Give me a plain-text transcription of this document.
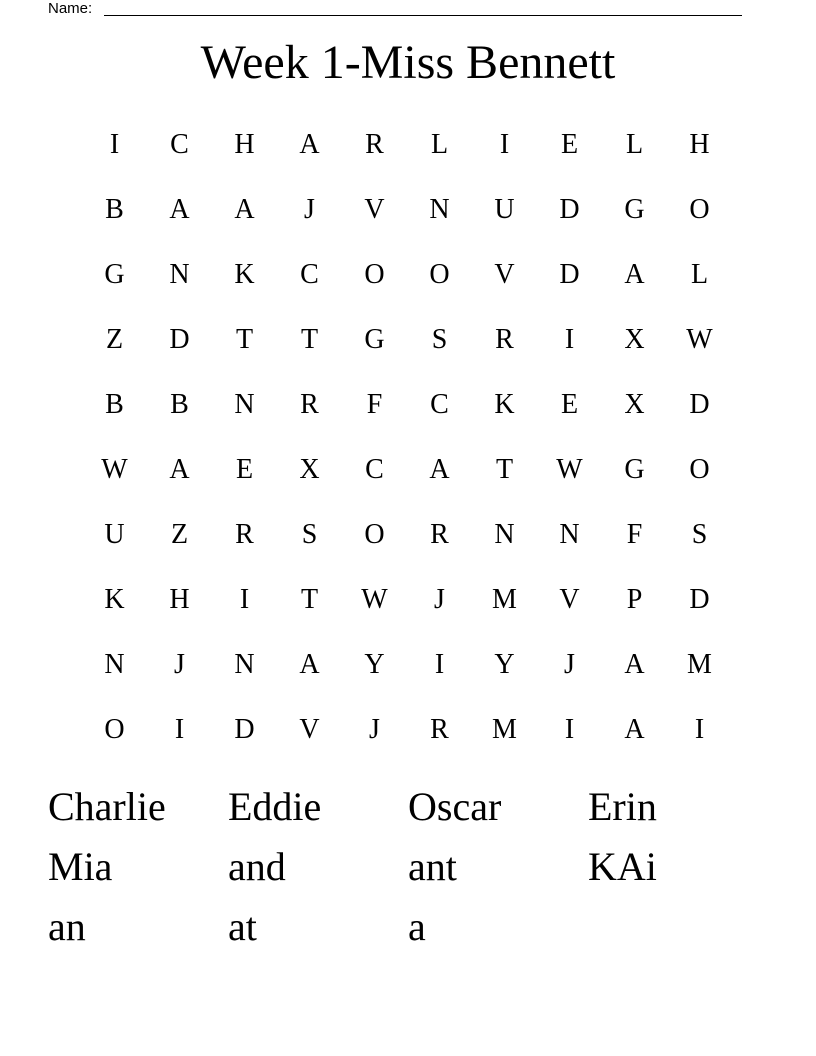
Name:
Week 1-Miss Bennett
I	C	H	A	R	L	I	E	L	H
B	A	A	J	V	N	U	D	G	O
G	N	K	C	O	O	V	D	A	L
Z	D	T	T	G	S	R	I	X	W
B	B	N	R	F	C	K	E	X	D
W	A	E	X	C	A	T	W	G	O
U	Z	R	S	O	R	N	N	F	S
K	H	I	T	W	J	M	V	P	D
N	J	N	A	Y	I	Y	J	A	M
O	I	D	V	J	R	M	I	A	I
Charlie	Eddie	Oscar	Erin
Mia	and	ant	KAi
an	at	a
